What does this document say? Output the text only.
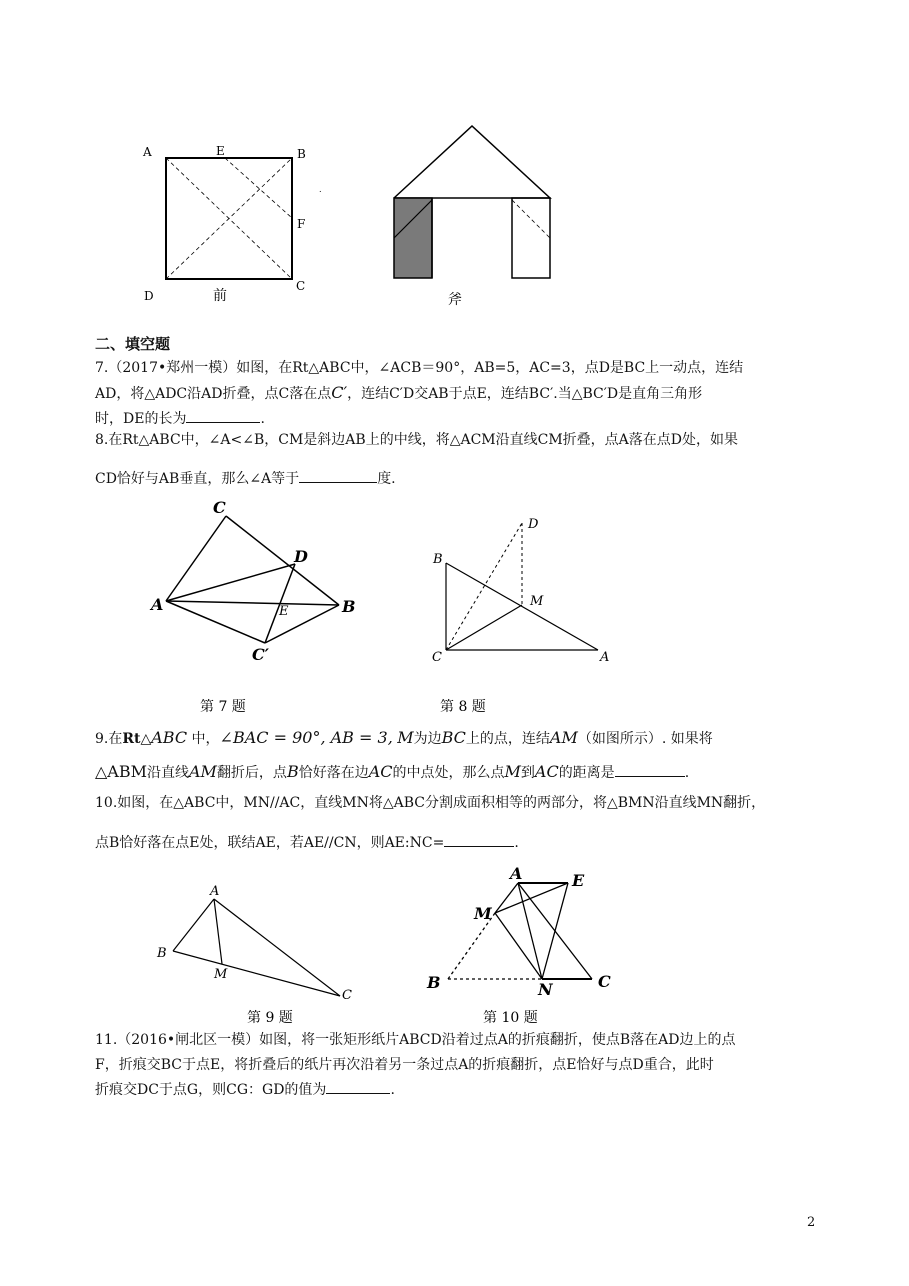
A	E	B
F
D
C
前
.
斧
二、填空题
7.（2017•郑州一模）如图，在Rt△ABC中，∠ACB＝90°，AB=5，AC=3，点D是BC上一动点，连结
AD，将△ADC沿AD折叠，点C落在点C′，连结C′D交AB于点E，连结BC′.当△BC′D是直角三角形
时，DE的长为	.
8.在Rt△ABC中，∠A<∠B，CM是斜边AB上的中线，将△ACM沿直线CM折叠，点A落在点D处，如果
CD恰好与AB垂直，那么∠A等于	度.
C
D
A	E	B
C′
D
B
M
C	A
第 7 题	第 8 题
9.在Rt△ABC 中，∠BAC = 90°, AB = 3, M为边BC上的点，连结AM（如图所示）. 如果将
△ABM沿直线AM翻折后，点B恰好落在边AC的中点处，那么点M到AC的距离是	.
10.如图，在△ABC中，MN//AC，直线MN将△ABC分割成面积相等的两部分，将△BMN沿直线MN翻折，
点B恰好落在点E处，联结AE，若AE//CN，则AE:NC=	.
A
B
M
C
A	E
M
B	N	C
第 9 题	第 10 题
11.（2016•闸北区一模）如图，将一张矩形纸片ABCD沿着过点A的折痕翻折，使点B落在AD边上的点
F，折痕交BC于点E，将折叠后的纸片再次沿着另一条过点A的折痕翻折，点E恰好与点D重合，此时
折痕交DC于点G，则CG：GD的值为	.
2
